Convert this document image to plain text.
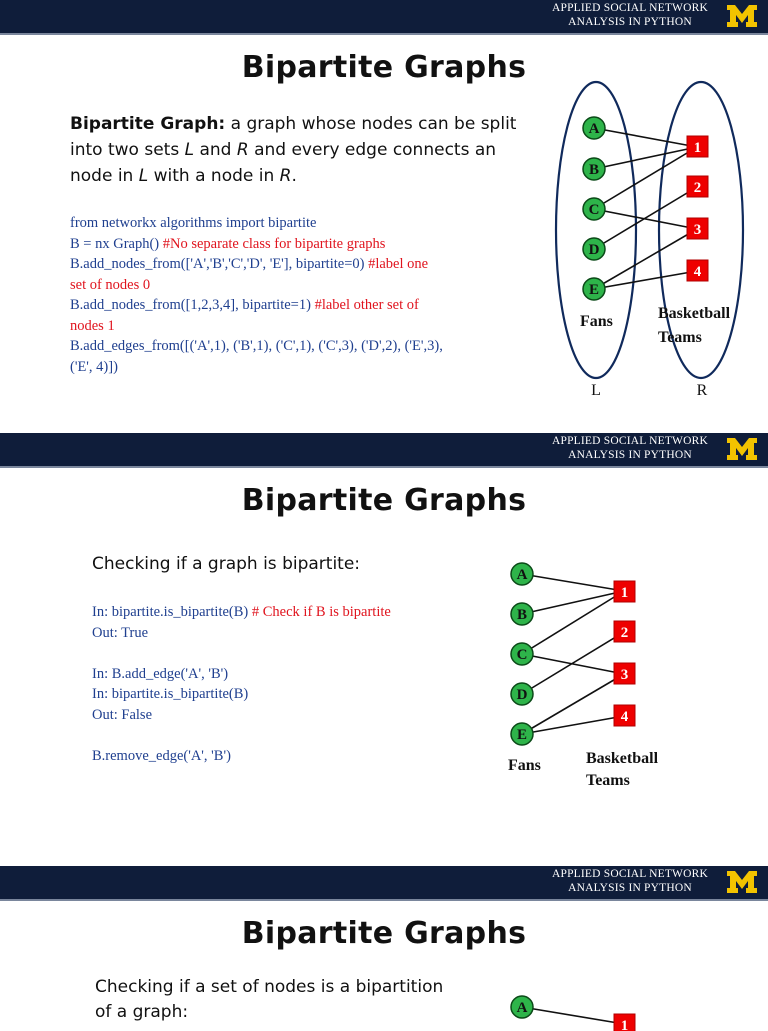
APPLIED SOCIAL NETWORK
ANALYSIS IN PYTHON
Bipartite Graphs
Bipartite Graph: a graph whose nodes can be split into two sets L and R and every edge connects an node in L with a node in R.
from networkx algorithms import bipartite
B = nx Graph() #No separate class for bipartite graphs
B.add_nodes_from(['A','B','C','D', 'E'], bipartite=0) #label one
set of nodes 0
B.add_nodes_from([1,2,3,4], bipartite=1) #label other set of
nodes 1
B.add_edges_from([('A',1), ('B',1), ('C',1), ('C',3), ('D',2), ('E',3),
('E', 4)])
A
B
C
D
E
1
2
3
4
Fans	Basketball
Teams
L	R
APPLIED SOCIAL NETWORK
ANALYSIS IN PYTHON
Bipartite Graphs
Checking if a graph is bipartite:
In: bipartite.is_bipartite(B) # Check if B is bipartite
Out: True

In: B.add_edge('A', 'B')
In: bipartite.is_bipartite(B)
Out: False

B.remove_edge('A', 'B')
A
B
C
D
E
1
2
3
4
Fans	Basketball
Teams
APPLIED SOCIAL NETWORK
ANALYSIS IN PYTHON
Bipartite Graphs
Checking if a set of nodes is a bipartition
of a graph:	A
1
